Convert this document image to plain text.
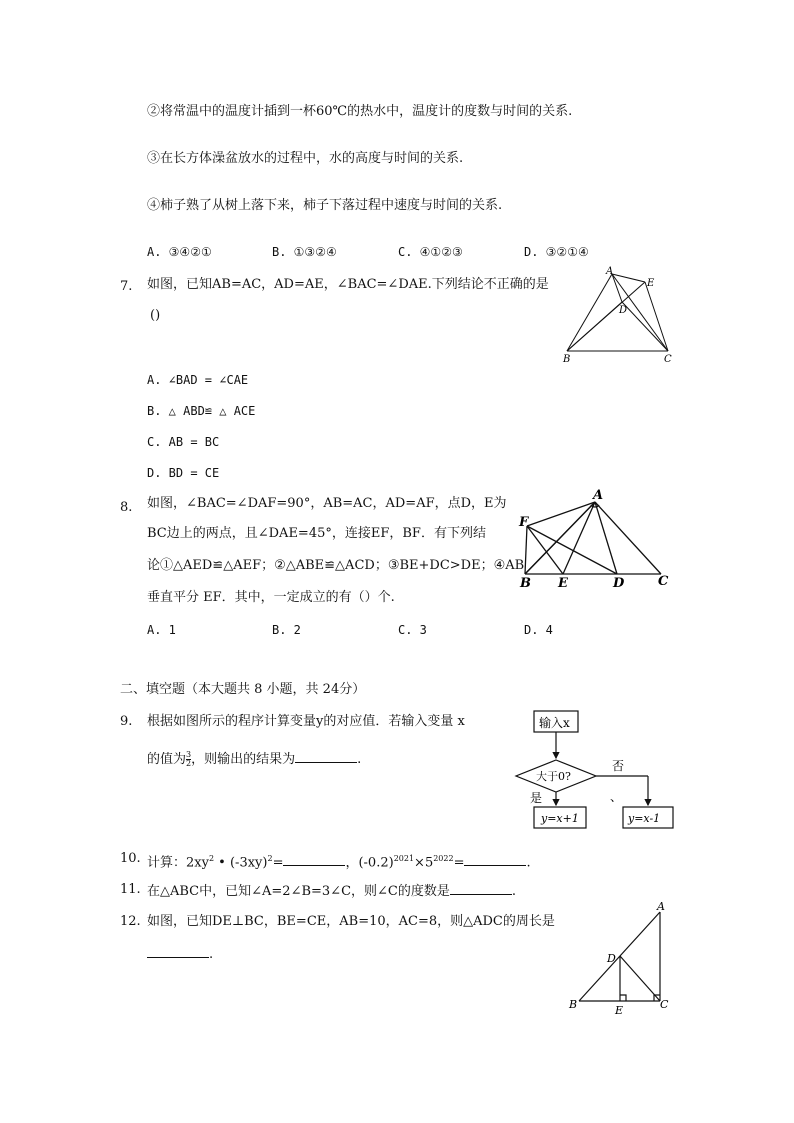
②将常温中的温度计插到一杯60℃的热水中，温度计的度数与时间的关系.
③在长方体澡盆放水的过程中，水的高度与时间的关系.
④柿子熟了从树上落下来，柿子下落过程中速度与时间的关系.
A. ③④②①	B. ①③②④	C. ④①②③	D. ③②①④
7. 如图，已知AB=AC，AD=AE，∠BAC=∠DAE.下列结论不正确的是
()
A. ∠BAD = ∠CAE
B. △ ABD≌ △ ACE
C. AB = BC
D. BD = CE
A
E
D
B	C
8. 如图，∠BAC=∠DAF=90°，AB=AC，AD=AF，点D，E为
BC边上的两点，且∠DAE=45°，连接EF，BF．有下列结
论①△AED≌△AEF；②△ABE≌△ACD；③BE+DC>DE；④AB
垂直平分 EF．其中，一定成立的有（）个.
A. 1	B. 2	C. 3	D. 4
A
F
B E	D	C
二、填空题（本大题共 8 小题，共 24分）
9. 根据如图所示的程序计算变量y的对应值．若输入变量 x
的值为 $\frac{3}{2}$ ，则输出的结果为	.
输入x
大于0?
否
是	、
y=x+1	y=x-1
10. 计算：$2xy^2$ • $(-3xy)^2=$	，$(-0.2)^{2021}\times 5^{2022}=$	.
11. 在△ABC中，已知∠A=2∠B=3∠C，则∠C的度数是	.
12. 如图，已知DE⊥BC，BE=CE，AB=10，AC=8，则△ADC的周长是
.
A
D
B	E	C
